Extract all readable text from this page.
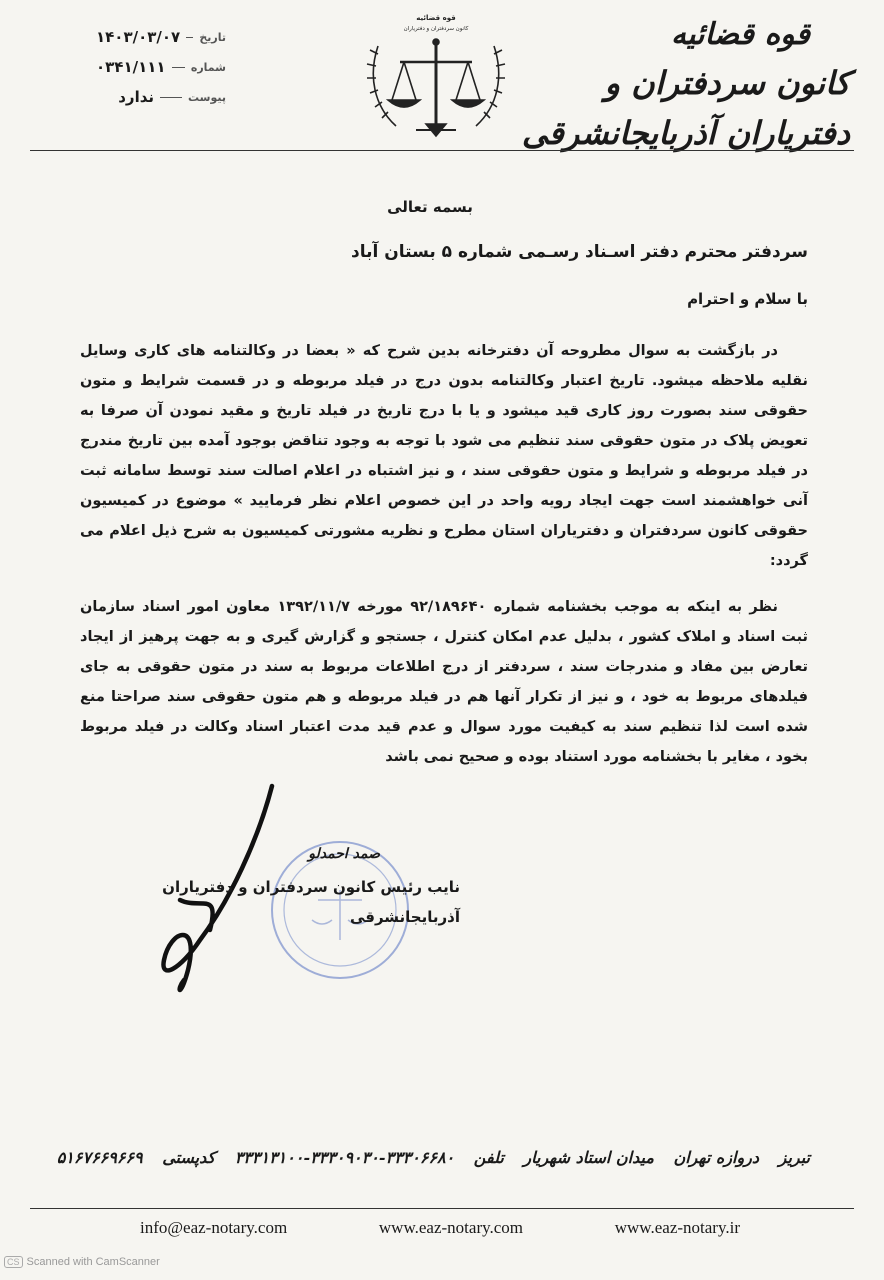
تاریخ
۱۴۰۳/۰۳/۰۷
شماره
۰۳۴۱/۱۱۱
پیوست
ندارد
قوه قضائیه
کانون سردفتران و دفتریاران	قوه قضائیه
کانون سردفتران و دفتریاران آذربایجانشرقی
بسمه تعالی
سردفتر محترم دفتر اسـناد رسـمی شماره ۵ بستان آباد
با سلام و احترام
در بازگشت به سوال مطروحه آن دفترخانه بدین شرح که « بعضا در وکالتنامه های کاری وسایل نقلیه ملاحظه میشود. تاریخ اعتبار وکالتنامه بدون درج در فیلد مربوطه و در قسمت شرایط و متون حقوقی سند بصورت روز کاری قید میشود و یا با درج تاریخ در فیلد تاریخ و مقید نمودن آن صرفا به تعویض پلاک در متون حقوقی سند تنظیم می شود با توجه به وجود تناقض بوجود آمده بین تاریخ مندرج در فیلد مربوطه و شرایط و متون حقوقی سند ، و نیز اشتباه در اعلام اصالت سند توسط سامانه ثبت آنی خواهشمند است جهت ایجاد رویه واحد در این خصوص اعلام نظر فرمایید » موضوع در کمیسیون حقوقی کانون سردفتران و دفتریاران استان مطرح و نظریه مشورتی کمیسیون به شرح ذیل اعلام می گردد:
نظر به اینکه به موجب بخشنامه شماره ۹۲/۱۸۹۶۴۰ مورخه ۱۳۹۲/۱۱/۷ معاون امور اسناد سازمان ثبت اسناد و املاک کشور ، بدلیل عدم امکان کنترل ، جستجو و گزارش گیری و به جهت پرهیز از ایجاد تعارض بین مفاد و مندرجات سند ، سردفتر از درج اطلاعات مربوط به سند در متون حقوقی به جای فیلدهای مربوط به خود ، و نیز از تکرار آنها هم در فیلد مربوطه و هم متون حقوقی سند صراحتا منع شده است لذا تنظیم سند به کیفیت مورد سوال و عدم قید مدت اعتبار اسناد وکالت در فیلد مربوط بخود ، مغایر با بخشنامه مورد استناد بوده و صحیح نمی باشد
صمد احمدلو
نایب رئیس کانون سردفتران و دفتریاران
آذربایجانشرقی
تبریز دروازه تهران میدان استاد شهریار تلفن ۳۳۳۰۶۶۸۰-۳۳۳۰۹۰۳۰-۳۳۳۱۳۱۰۰ کدپستی ۵۱۶۷۶۶۹۶۶۹
info@eaz-notary.com	www.eaz-notary.com	www.eaz-notary.ir
CS Scanned with CamScanner
